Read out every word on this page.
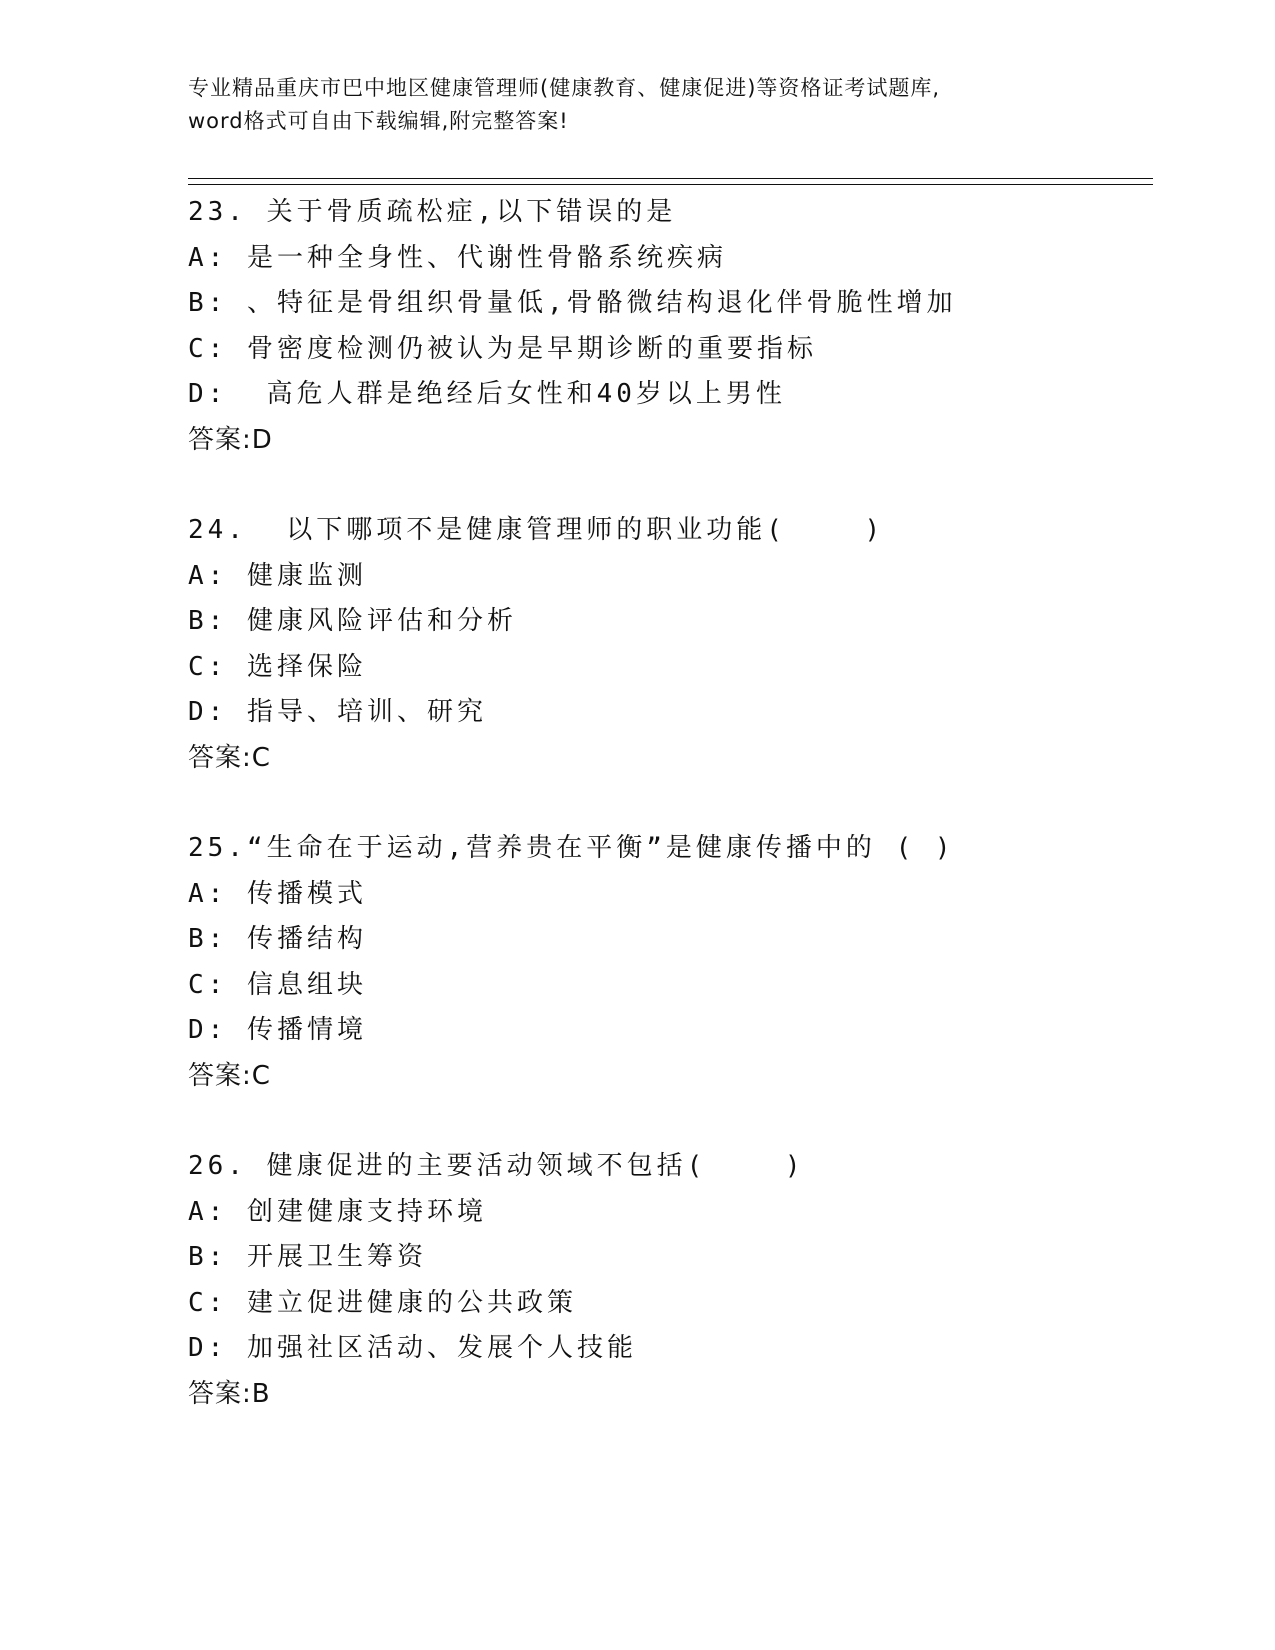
专业精品重庆市巴中地区健康管理师(健康教育、健康促进)等资格证考试题库,
word格式可自由下载编辑,附完整答案!
23. 关于骨质疏松症,以下错误的是
A: 是一种全身性、代谢性骨骼系统疾病
B: 、特征是骨组织骨量低,骨骼微结构退化伴骨脆性增加
C: 骨密度检测仍被认为是早期诊断的重要指标
D:  高危人群是绝经后女性和40岁以上男性
答案:D
24.  以下哪项不是健康管理师的职业功能(    )
A: 健康监测
B: 健康风险评估和分析
C: 选择保险
D: 指导、培训、研究
答案:C
25.“生命在于运动,营养贵在平衡”是健康传播中的 ( )
A: 传播模式
B: 传播结构
C: 信息组块
D: 传播情境
答案:C
26. 健康促进的主要活动领域不包括(    )
A: 创建健康支持环境
B: 开展卫生筹资
C: 建立促进健康的公共政策
D: 加强社区活动、发展个人技能
答案:B
